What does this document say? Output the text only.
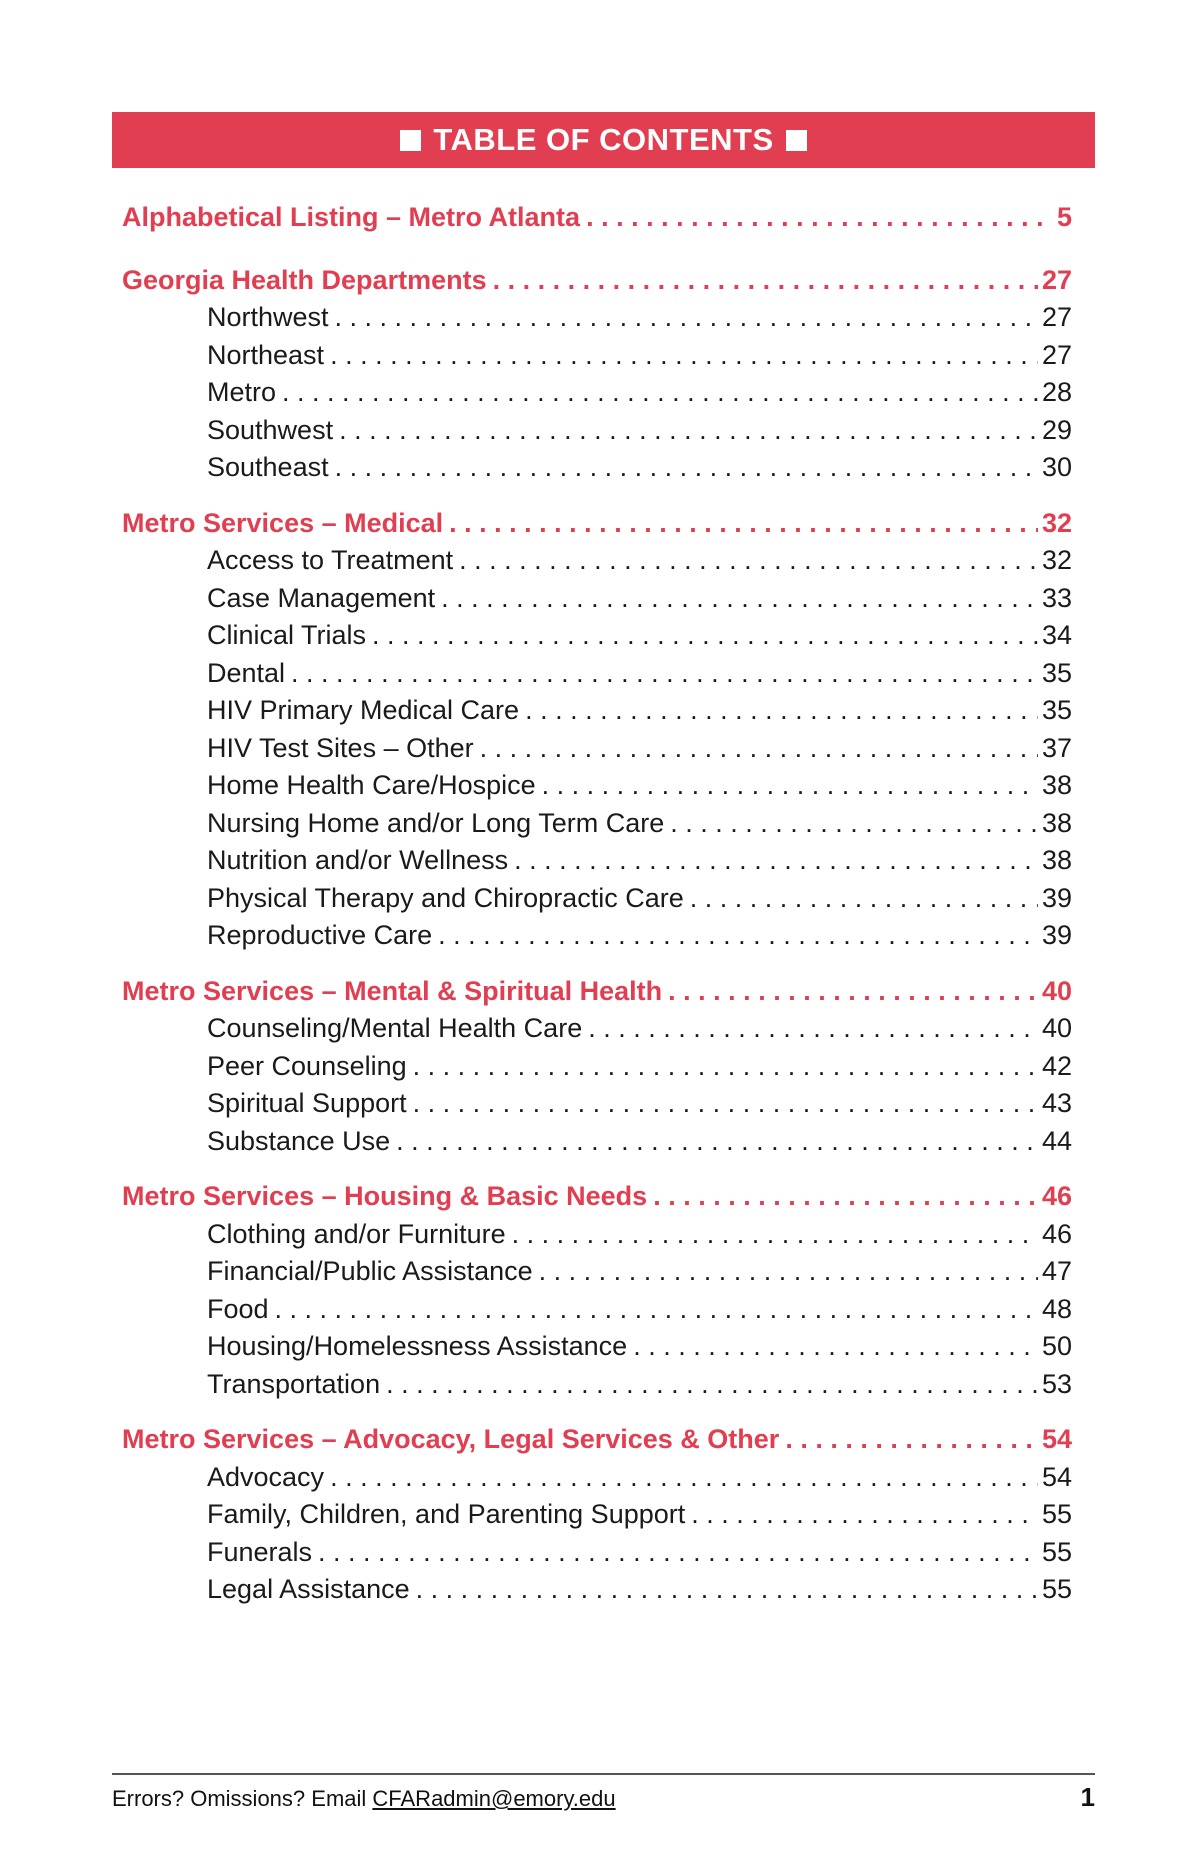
TABLE OF CONTENTS
Alphabetical Listing – Metro Atlanta . . .	5
Georgia Health Departments . . .	27
Northwest . . .	27
Northeast . . .	27
Metro . . .	28
Southwest . . .	29
Southeast . . .	30
Metro Services – Medical . . .	32
Access to Treatment . . .	32
Case Management . . .	33
Clinical Trials . . .	34
Dental . . .	35
HIV Primary Medical Care . . .	35
HIV Test Sites – Other . . .	37
Home Health Care/Hospice . . .	38
Nursing Home and/or Long Term Care . . .	38
Nutrition and/or Wellness . . .	38
Physical Therapy and Chiropractic Care . . .	39
Reproductive Care . . .	39
Metro Services – Mental & Spiritual Health . . .	40
Counseling/Mental Health Care . . .	40
Peer Counseling . . .	42
Spiritual Support . . .	43
Substance Use . . .	44
Metro Services – Housing & Basic Needs . . .	46
Clothing and/or Furniture . . .	46
Financial/Public Assistance . . .	47
Food . . .	48
Housing/Homelessness Assistance . . .	50
Transportation . . .	53
Metro Services – Advocacy, Legal Services & Other . . .	54
Advocacy . . .	54
Family, Children, and Parenting Support . . .	55
Funerals . . .	55
Legal Assistance . . .	55
Errors? Omissions? Email CFARadmin@emory.edu	1
